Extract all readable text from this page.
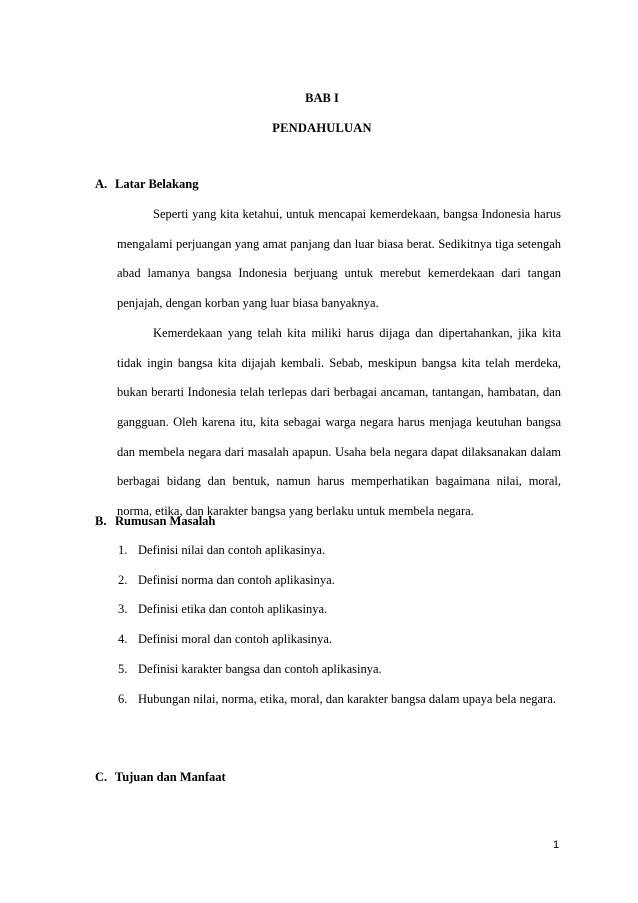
BAB I
PENDAHULUAN
A. Latar Belakang

Seperti yang kita ketahui, untuk mencapai kemerdekaan, bangsa Indonesia harus mengalami perjuangan yang amat panjang dan luar biasa berat. Sedikitnya tiga setengah abad lamanya bangsa Indonesia berjuang untuk merebut kemerdekaan dari tangan penjajah, dengan korban yang luar biasa banyaknya.

Kemerdekaan yang telah kita miliki harus dijaga dan dipertahankan, jika kita tidak ingin bangsa kita dijajah kembali. Sebab, meskipun bangsa kita telah merdeka, bukan berarti Indonesia telah terlepas dari berbagai ancaman, tantangan, hambatan, dan gangguan. Oleh karena itu, kita sebagai warga negara harus menjaga keutuhan bangsa dan membela negara dari masalah apapun. Usaha bela negara dapat dilaksanakan dalam berbagai bidang dan bentuk, namun harus memperhatikan bagaimana nilai, moral, norma, etika, dan karakter bangsa yang berlaku untuk membela negara.

B. Rumusan Masalah
1. Definisi nilai dan contoh aplikasinya.
2. Definisi norma dan contoh aplikasinya.
3. Definisi etika dan contoh aplikasinya.
4. Definisi moral dan contoh aplikasinya.
5. Definisi karakter bangsa dan contoh aplikasinya.
6. Hubungan nilai, norma, etika, moral, dan karakter bangsa dalam upaya bela negara.
C. Tujuan dan Manfaat
1
